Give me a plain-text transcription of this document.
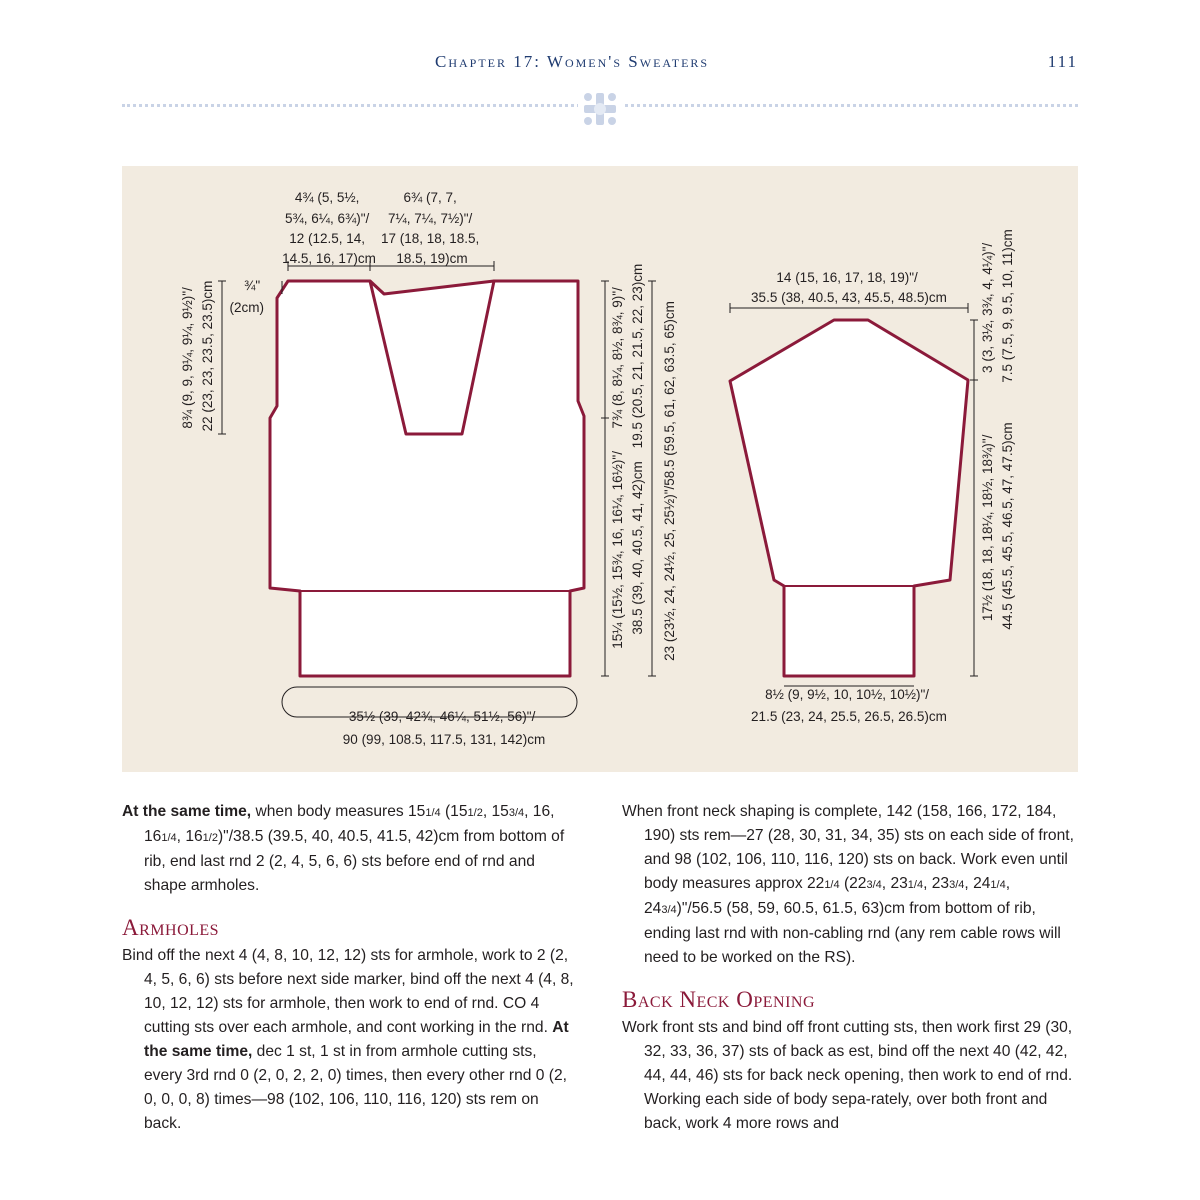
Chapter 17: Women's Sweaters	111
4¾ (5, 5½, 5¾, 6¼, 6¾)"/ 12 (12.5, 14, 14.5, 16, 17)cm
6¾ (7, 7, 7¼, 7¼, 7½)"/ 17 (18, 18, 18.5, 18.5, 19)cm
¾" (2cm)
8¾ (9, 9, 9¼, 9¼, 9½)"/ 22 (23, 23, 23.5, 23.5)cm	7¾ (8, 8¼, 8½, 8¾, 9)"/ 19.5 (20.5, 21, 21.5, 22, 23)cm
15¼ (15½, 15¾, 16, 16¼, 16½)"/ 38.5 (39, 40, 40.5, 41, 42)cm 23 (23½, 24, 24½, 25, 25½)"/58.5 (59.5, 61, 62, 63.5, 65)cm
35½ (39, 42¾, 46¼, 51½, 56)"/ 90 (99, 108.5, 117.5, 131, 142)cm
14 (15, 16, 17, 18, 19)"/ 35.5 (38, 40.5, 43, 45.5, 48.5)cm 3 (3, 3½, 3¾, 4, 4¼)"/ 7.5 (7.5, 9, 9.5, 10, 11)cm
17½ (18, 18, 18¼, 18½, 18¾)"/ 44.5 (45.5, 45.5, 46.5, 47, 47.5)cm
8½ (9, 9½, 10, 10½, 10½)"/ 21.5 (23, 24, 25.5, 26.5, 26.5)cm

At the same time, when body measures 151/4 (151/2, 153/4, 16, 161/4, 161/2)"/38.5 (39.5, 40, 40.5, 41.5, 42)cm from bottom of rib, end last rnd 2 (2, 4, 5, 6, 6) sts before end of rnd and shape armholes.

Armholes

Bind off the next 4 (4, 8, 10, 12, 12) sts for armhole, work to 2 (2, 4, 5, 6, 6) sts before next side marker, bind off the next 4 (4, 8, 10, 12, 12) sts for armhole, then work to end of rnd. CO 4 cutting sts over each armhole, and cont working in the rnd. At the same time, dec 1 st, 1 st in from armhole cutting sts, every 3rd rnd 0 (2, 0, 2, 2, 0) times, then every other rnd 0 (2, 0, 0, 0, 8) times—98 (102, 106, 110, 116, 120) sts rem on back.

When front neck shaping is complete, 142 (158, 166, 172, 184, 190) sts rem—27 (28, 30, 31, 34, 35) sts on each side of front, and 98 (102, 106, 110, 116, 120) sts on back. Work even until body measures approx 221/4 (223/4, 231/4, 233/4, 241/4, 243/4)"/56.5 (58, 59, 60.5, 61.5, 63)cm from bottom of rib, ending last rnd with non-cabling rnd (any rem cable rows will need to be worked on the RS).

Back Neck Opening

Work front sts and bind off front cutting sts, then work first 29 (30, 32, 33, 36, 37) sts of back as est, bind off the next 40 (42, 42, 44, 44, 46) sts for back neck opening, then work to end of rnd. Working each side of body sepa-rately, over both front and back, work 4 more rows and
